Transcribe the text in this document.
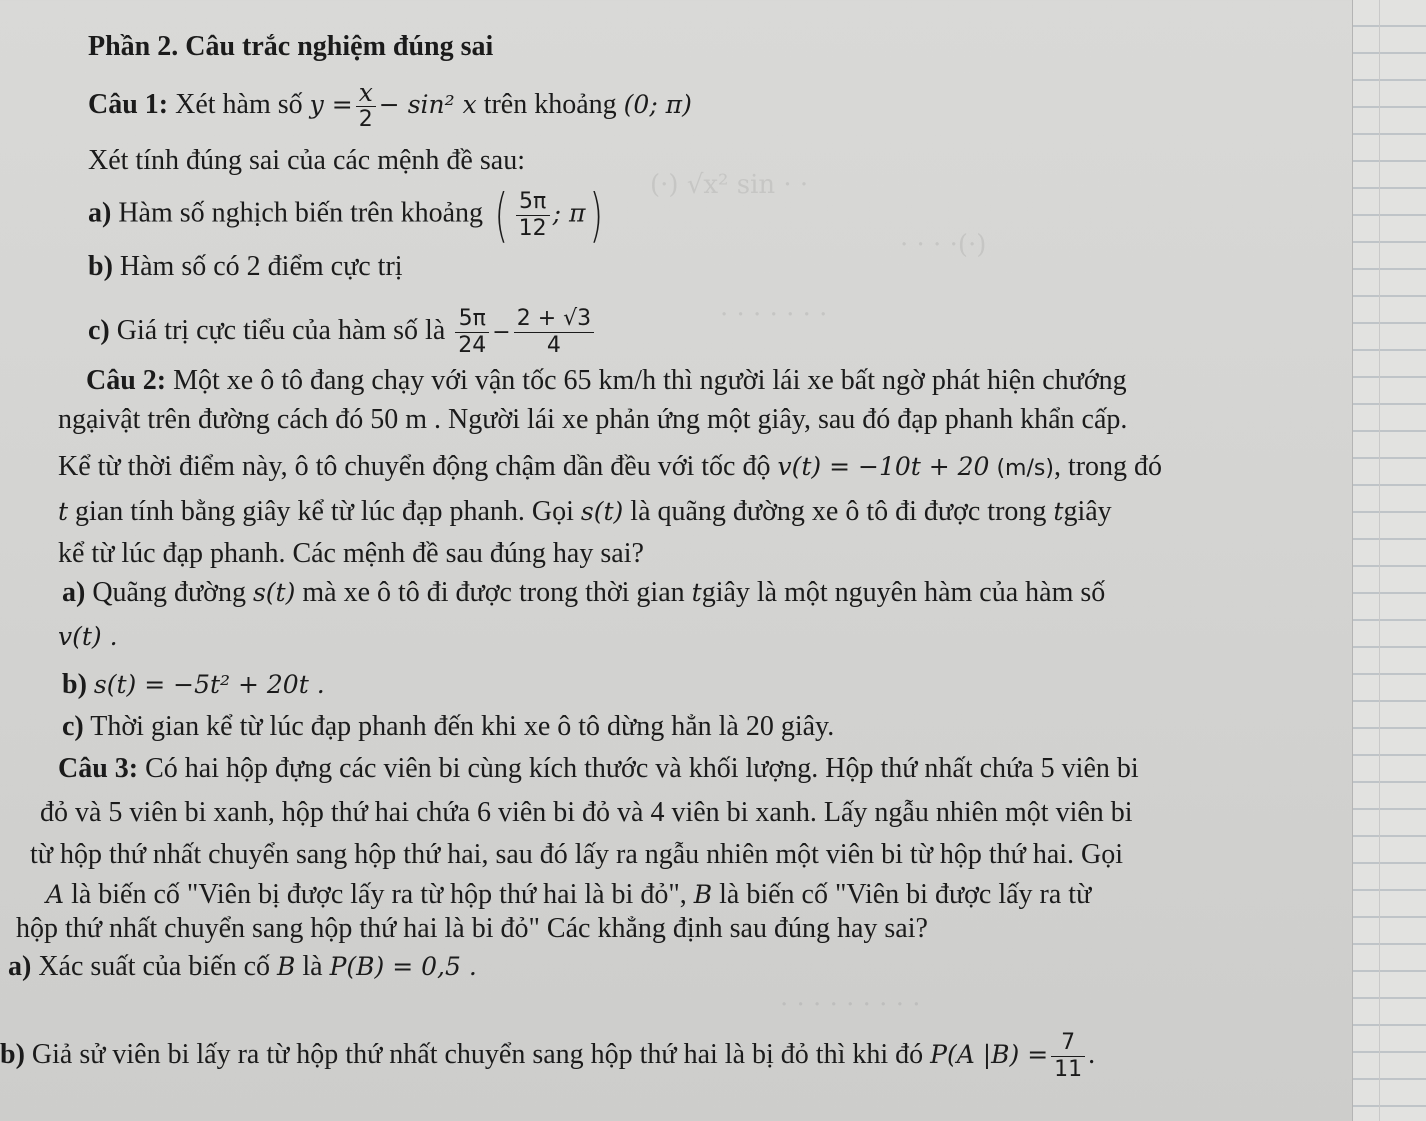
(·) √x² sin · ·
· · · ·(·)
· · · · · · ·
· · · · · · · · ·
Phần 2. Câu trắc nghiệm đúng sai
Câu 1: Xét hàm số $y = \frac{x}{2} - \sin^2$ x trên khoảng (0; π)
Xét tính đúng sai của các mệnh đề sau:
a) Hàm số nghịch biến trên khoảng ( $\frac{5\pi}{12}$ ; π)
b) Hàm số có 2 điểm cực trị
c) Giá trị cực tiểu của hàm số là $\frac{5\pi}{24} - \frac{2 + √3}{4}$
Câu 2: Một xe ô tô đang chạy với vận tốc 65 km/h thì người lái xe bất ngờ phát hiện chướng
ngạivật trên đường cách đó 50 m . Người lái xe phản ứng một giây, sau đó đạp phanh khẩn cấp.
Kể từ thời điểm này, ô tô chuyển động chậm dần đều với tốc độ v(t) = −10t + 20 (m/s), trong đó
t gian tính bằng giây kể từ lúc đạp phanh. Gọi s(t) là quãng đường xe ô tô đi được trong tgiây
kể từ lúc đạp phanh. Các mệnh đề sau đúng hay sai?
a) Quãng đường s(t) mà xe ô tô đi được trong thời gian tgiây là một nguyên hàm của hàm số
v(t) .
b) s(t) = −5t² + 20t .
c) Thời gian kể từ lúc đạp phanh đến khi xe ô tô dừng hẳn là 20 giây.
Câu 3: Có hai hộp đựng các viên bi cùng kích thước và khối lượng. Hộp thứ nhất chứa 5 viên bi
đỏ và 5 viên bi xanh, hộp thứ hai chứa 6 viên bi đỏ và 4 viên bi xanh. Lấy ngẫu nhiên một viên bi
từ hộp thứ nhất chuyển sang hộp thứ hai, sau đó lấy ra ngẫu nhiên một viên bi từ hộp thứ hai. Gọi
A là biến cố "Viên bị được lấy ra từ hộp thứ hai là bi đỏ", B là biến cố "Viên bi được lấy ra từ
hộp thứ nhất chuyển sang hộp thứ hai là bi đỏ" Các khẳng định sau đúng hay sai?
a) Xác suất của biến cố B là P(B) = 0,5 .
b) Giả sử viên bi lấy ra từ hộp thứ nhất chuyển sang hộp thứ hai là bị đỏ thì khi đó P(A $|B) = \frac{7}{11}$ .
